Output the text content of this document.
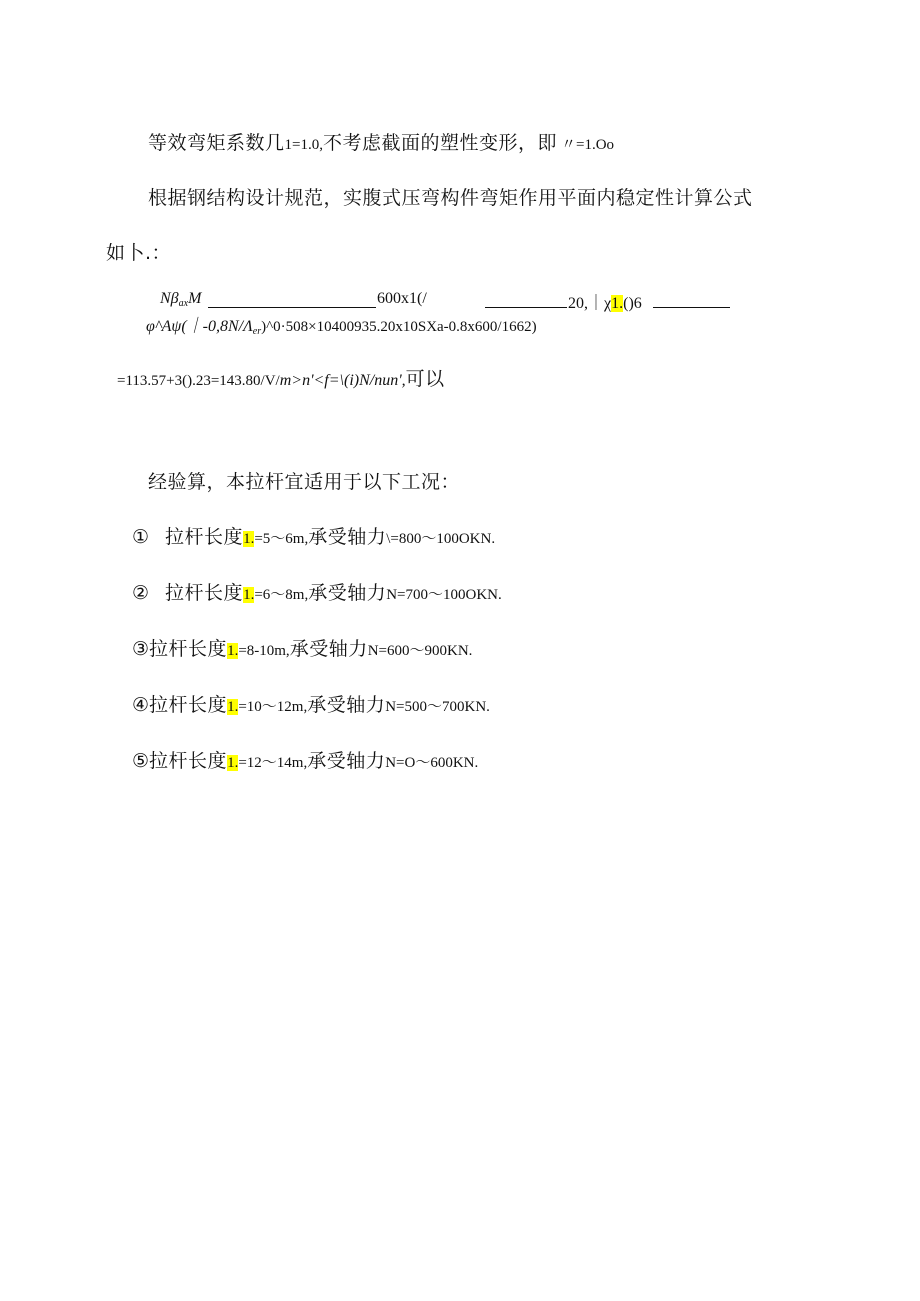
等效弯矩系数几1=1.0,不考虑截面的塑性变形，即 〃=1.Oo
根据钢结构设计规范，实腹式压弯构件弯矩作用平面内稳定性计算公式
如卜.：
$N\beta_{ax}M$	600x1(/	20,｜χ1.()6
$\varphi\^{}A\psi(|-0,8N/\Lambda_{er})\^{}0\cdot 508\times 10400935.20x10SXa-0.8x600/1662$)
=113.57+3().23=143.80/V/m>n'<f=\(i)N/nun',可以
经验算，本拉杆宜适用于以下工况：
① 拉杆长度1.=5～6m,承受轴力\=800～100OKN.
② 拉杆长度1.=6～8m,承受轴力N=700～100OKN.
③拉杆长度1.=8-10m,承受轴力N=600～900KN.
④拉杆长度1.=10～12m,承受轴力N=500～700KN.
⑤拉杆长度1.=12～14m,承受轴力N=O～600KN.
